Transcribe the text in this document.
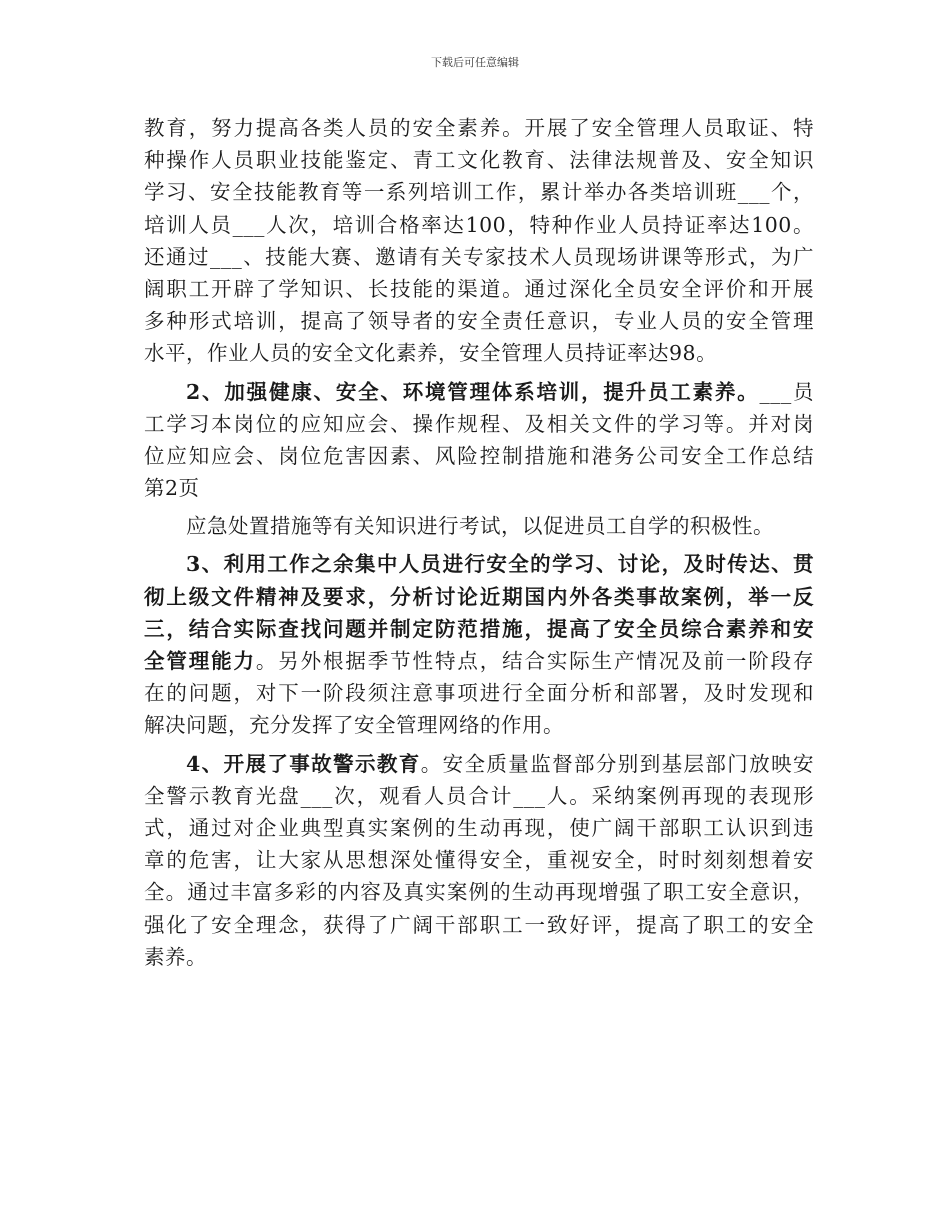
下载后可任意编辑
教育，努力提高各类人员的安全素养。开展了安全管理人员取证、特
种操作人员职业技能鉴定、青工文化教育、法律法规普及、安全知识
学习、安全技能教育等一系列培训工作，累计举办各类培训班___个，
培训人员___人次，培训合格率达100，特种作业人员持证率达100。
还通过___、技能大赛、邀请有关专家技术人员现场讲课等形式，为广
阔职工开辟了学知识、长技能的渠道。通过深化全员安全评价和开展
多种形式培训，提高了领导者的安全责任意识，专业人员的安全管理
水平，作业人员的安全文化素养，安全管理人员持证率达98。
2、加强健康、安全、环境管理体系培训，提升员工素养。___员
工学习本岗位的应知应会、操作规程、及相关文件的学习等。并对岗
位应知应会、岗位危害因素、风险控制措施和港务公司安全工作总结
第2页
应急处置措施等有关知识进行考试，以促进员工自学的积极性。
3、利用工作之余集中人员进行安全的学习、讨论，及时传达、贯
彻上级文件精神及要求，分析讨论近期国内外各类事故案例，举一反
三，结合实际查找问题并制定防范措施，提高了安全员综合素养和安
全管理能力。另外根据季节性特点，结合实际生产情况及前一阶段存
在的问题，对下一阶段须注意事项进行全面分析和部署，及时发现和
解决问题，充分发挥了安全管理网络的作用。
4、开展了事故警示教育。安全质量监督部分别到基层部门放映安
全警示教育光盘___次，观看人员合计___人。采纳案例再现的表现形
式，通过对企业典型真实案例的生动再现，使广阔干部职工认识到违
章的危害，让大家从思想深处懂得安全，重视安全，时时刻刻想着安
全。通过丰富多彩的内容及真实案例的生动再现增强了职工安全意识，
强化了安全理念，获得了广阔干部职工一致好评，提高了职工的安全
素养。
